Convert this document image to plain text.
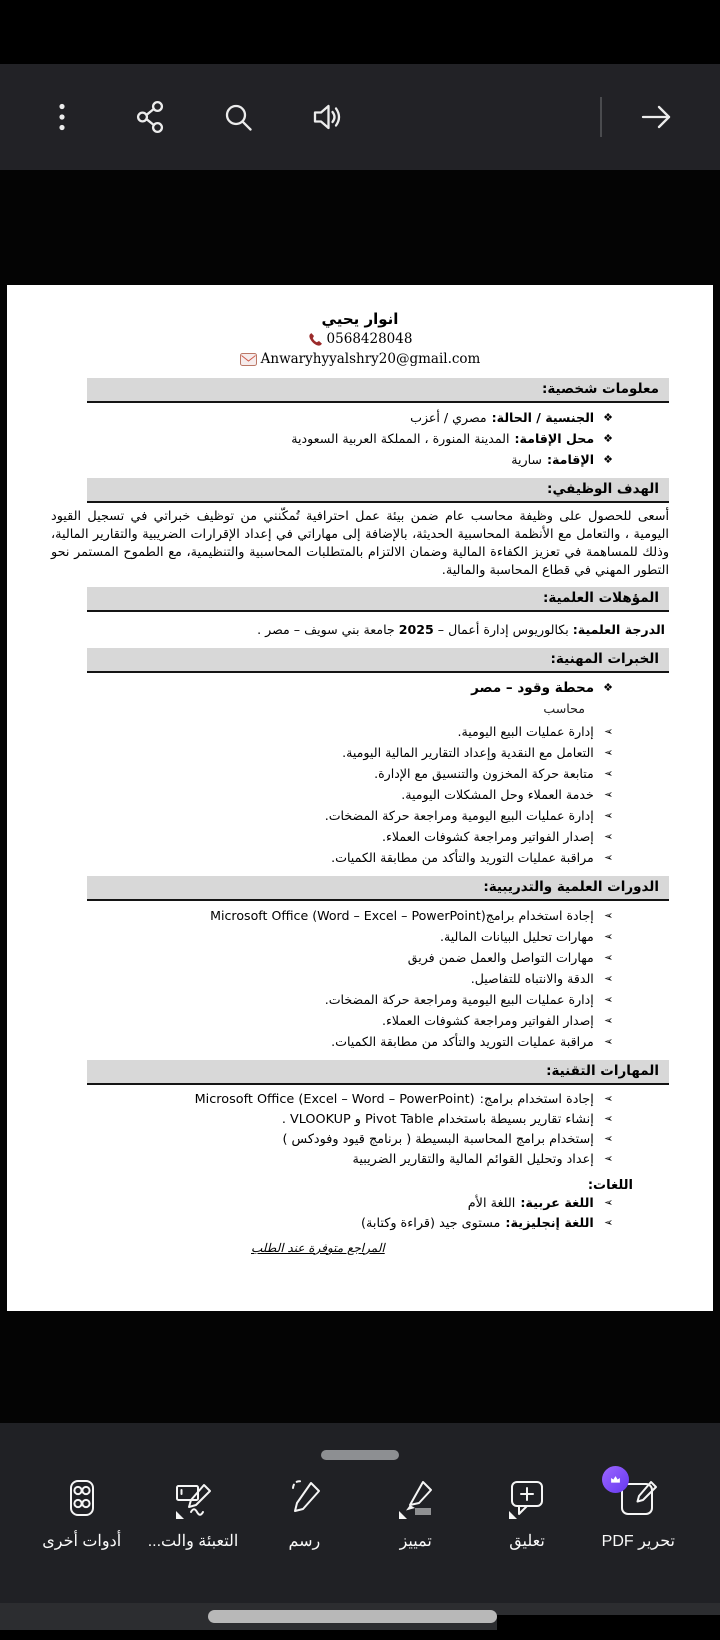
انوار يحيي
0568428048
Anwaryhyyalshry20@gmail.com
معلومات شخصية:
❖ الجنسية / الحالة:
مصري / أعزب
❖ محل الإقامة:
المدينة المنورة ، المملكة العربية السعودية
❖ الإقامة:
سارية
الهدف الوظيفي:
أسعى للحصول على وظيفة محاسب عام ضمن بيئة عمل احترافية تُمكّنني من توظيف خبراتي في تسجيل القيود اليومية ، والتعامل مع الأنظمة المحاسبية الحديثة، بالإضافة إلى مهاراتي في إعداد الإقرارات الضريبية والتقارير المالية، وذلك للمساهمة في تعزيز الكفاءة المالية وضمان الالتزام بالمتطلبات المحاسبية والتنظيمية، مع الطموح المستمر نحو التطور المهني في قطاع المحاسبة والمالية.
المؤهلات العلمية:
الدرجة العلمية: بكالوريوس إدارة أعمال – 2025 جامعة بني سويف – مصر .
الخبرات المهنية:
❖ محطة وقود – مصر
محاسب
➢
إدارة عمليات البيع اليومية.
➢
التعامل مع النقدية وإعداد التقارير المالية اليومية.
➢
متابعة حركة المخزون والتنسيق مع الإدارة.
➢
خدمة العملاء وحل المشكلات اليومية.
➢
إدارة عمليات البيع اليومية ومراجعة حركة المضخات.
➢
إصدار الفواتير ومراجعة كشوفات العملاء.
➢
مراقبة عمليات التوريد والتأكد من مطابقة الكميات.
الدورات العلمية والتدريبية:
➢
إجادة استخدام برامج(
Microsoft Office (Word – Excel – PowerPoint
➢
مهارات تحليل البيانات المالية.
➢
مهارات التواصل والعمل ضمن فريق
➢
الدقة والانتباه للتفاصيل.
➢
إدارة عمليات البيع اليومية ومراجعة حركة المضخات.
➢
إصدار الفواتير ومراجعة كشوفات العملاء.
➢
مراقبة عمليات التوريد والتأكد من مطابقة الكميات.
المهارات التقنية:
➢
إجادة استخدام برامج:
Microsoft Office (Excel – Word – PowerPoint)
➢
إنشاء تقارير بسيطة باستخدام Pivot Table و VLOOKUP .
➢
إستخدام برامج المحاسبة البسيطة ( برنامج قيود وفودكس )
➢
إعداد وتحليل القوائم المالية والتقارير الضريبية
اللغات:
➢
اللغة عربية:
اللغة الأم
➢
اللغة إنجليزية:
مستوى جيد (قراءة وكتابة)
المراجع متوفرة عند الطلب
تحرير PDF
تعليق
تمييز
رسم
التعبئة والت...
أدوات أخرى
